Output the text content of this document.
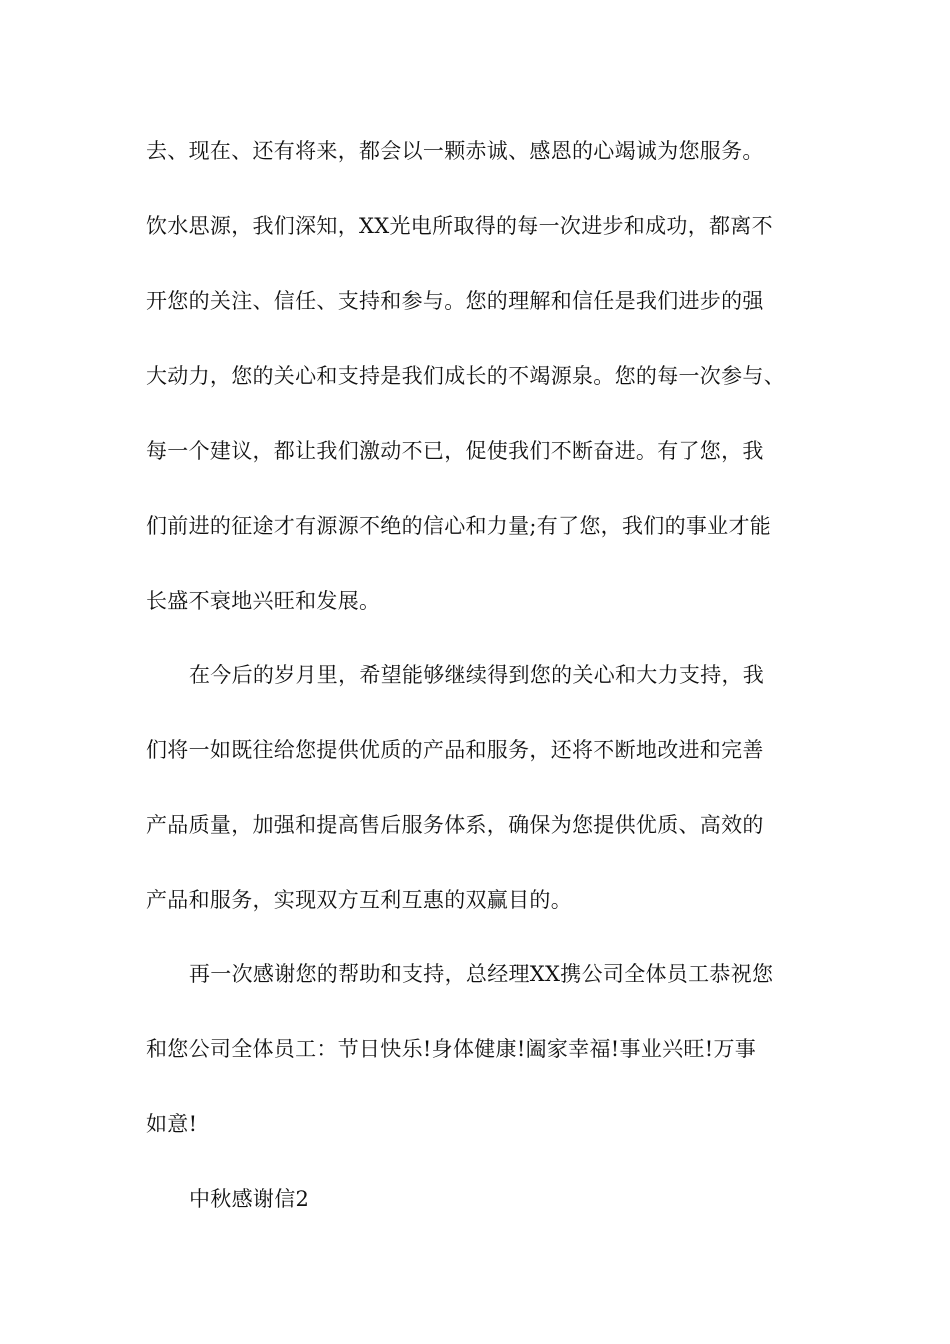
去、现在、还有将来，都会以一颗赤诚、感恩的心竭诚为您服务。
饮水思源，我们深知，XX光电所取得的每一次进步和成功，都离不
开您的关注、信任、支持和参与。您的理解和信任是我们进步的强
大动力，您的关心和支持是我们成长的不竭源泉。您的每一次参与、
每一个建议，都让我们激动不已，促使我们不断奋进。有了您，我
们前进的征途才有源源不绝的信心和力量;有了您，我们的事业才能
长盛不衰地兴旺和发展。
在今后的岁月里，希望能够继续得到您的关心和大力支持，我
们将一如既往给您提供优质的产品和服务，还将不断地改进和完善
产品质量，加强和提高售后服务体系，确保为您提供优质、高效的
产品和服务，实现双方互利互惠的双赢目的。
再一次感谢您的帮助和支持，总经理XX携公司全体员工恭祝您
和您公司全体员工：节日快乐!身体健康!阖家幸福!事业兴旺!万事
如意!
中秋感谢信2
